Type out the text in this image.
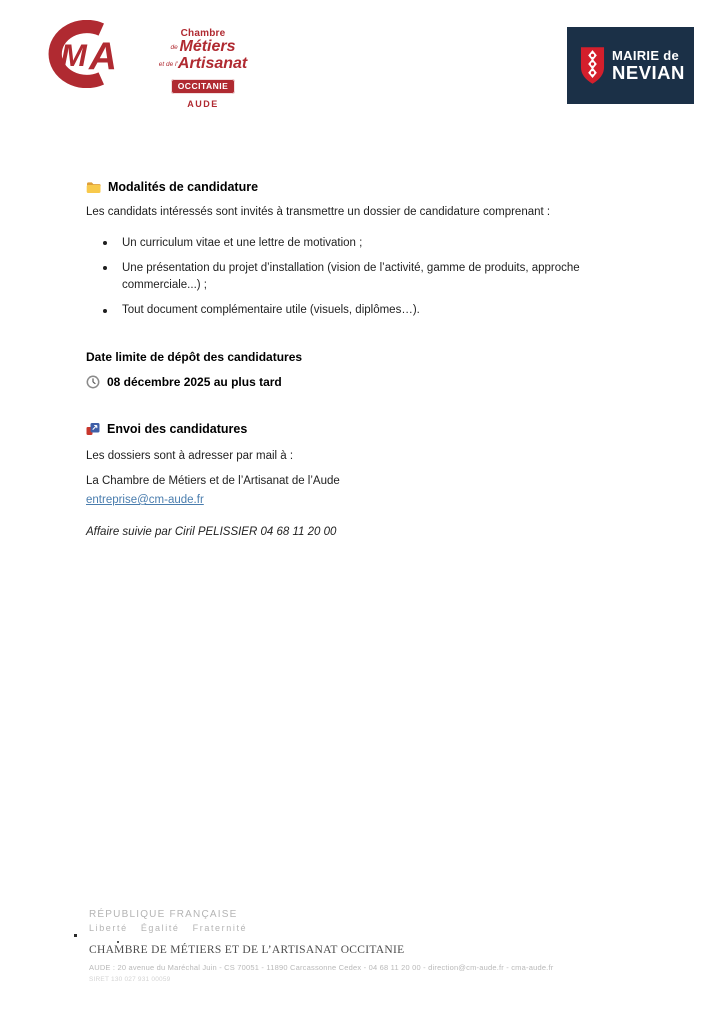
M A
Chambre
de Métiers
et de l’Artisanat
OCCITANIE
AUDE
MAIRIE de
NEVIAN
Modalités de candidature
Les candidats intéressés sont invités à transmettre un dossier de candidature comprenant :
Un curriculum vitae et une lettre de motivation ;
Une présentation du projet d’installation (vision de l’activité, gamme de produits, approche commerciale...) ;
Tout document complémentaire utile (visuels, diplômes…).
Date limite de dépôt des candidatures
08 décembre 2025 au plus tard
Envoi des candidatures
Les dossiers sont à adresser par mail à :
La Chambre de Métiers et de l’Artisanat de l’Aude
entreprise@cm-aude.fr
Affaire suivie par Ciril PELISSIER 04 68 11 20 00
RÉPUBLIQUE FRANÇAISE
Liberté Égalité Fraternité
CHAMBRE DE MÉTIERS ET DE L’ARTISANAT OCCITANIE
AUDE : 20 avenue du Maréchal Juin - CS 70051 - 11890 Carcassonne Cedex - 04 68 11 20 00 - direction@cm-aude.fr - cma-aude.fr
SIRET 130 027 931 00059
